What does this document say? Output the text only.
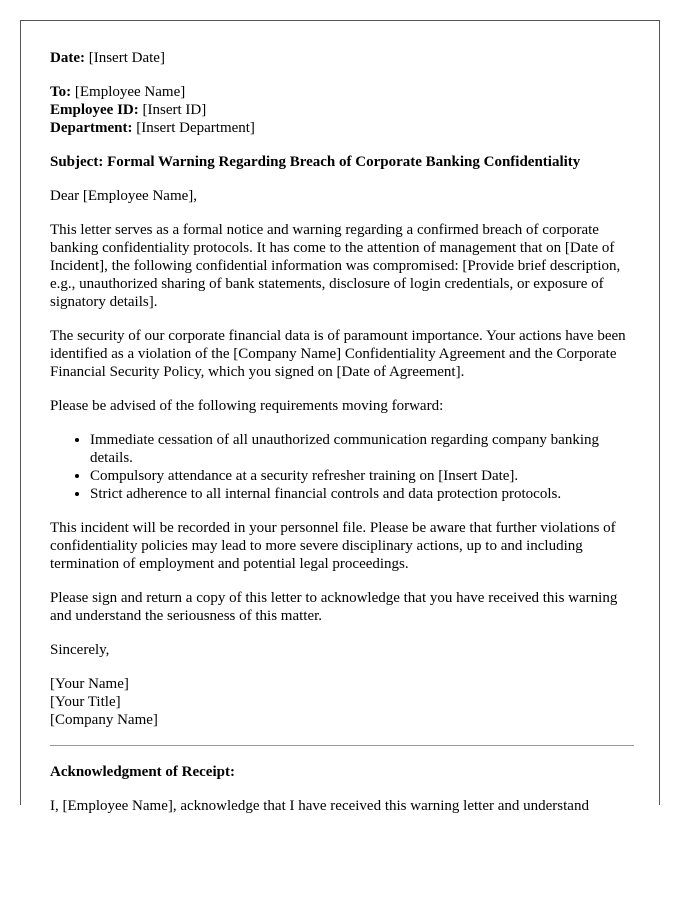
Date: [Insert Date]

To: [Employee Name]
Employee ID: [Insert ID]
Department: [Insert Department]

Subject: Formal Warning Regarding Breach of Corporate Banking Confidentiality

Dear [Employee Name],

This letter serves as a formal notice and warning regarding a confirmed breach of corporate banking confidentiality protocols. It has come to the attention of management that on [Date of Incident], the following confidential information was compromised: [Provide brief description, e.g., unauthorized sharing of bank statements, disclosure of login credentials, or exposure of signatory details].

The security of our corporate financial data is of paramount importance. Your actions have been identified as a violation of the [Company Name] Confidentiality Agreement and the Corporate Financial Security Policy, which you signed on [Date of Agreement].

Please be advised of the following requirements moving forward:

• Immediate cessation of all unauthorized communication regarding company banking details.
• Compulsory attendance at a security refresher training on [Insert Date].
• Strict adherence to all internal financial controls and data protection protocols.

This incident will be recorded in your personnel file. Please be aware that further violations of confidentiality policies may lead to more severe disciplinary actions, up to and including termination of employment and potential legal proceedings.

Please sign and return a copy of this letter to acknowledge that you have received this warning and understand the seriousness of this matter.

Sincerely,

[Your Name]
[Your Title]
[Company Name]

Acknowledgment of Receipt:

I, [Employee Name], acknowledge that I have received this warning letter and understand
